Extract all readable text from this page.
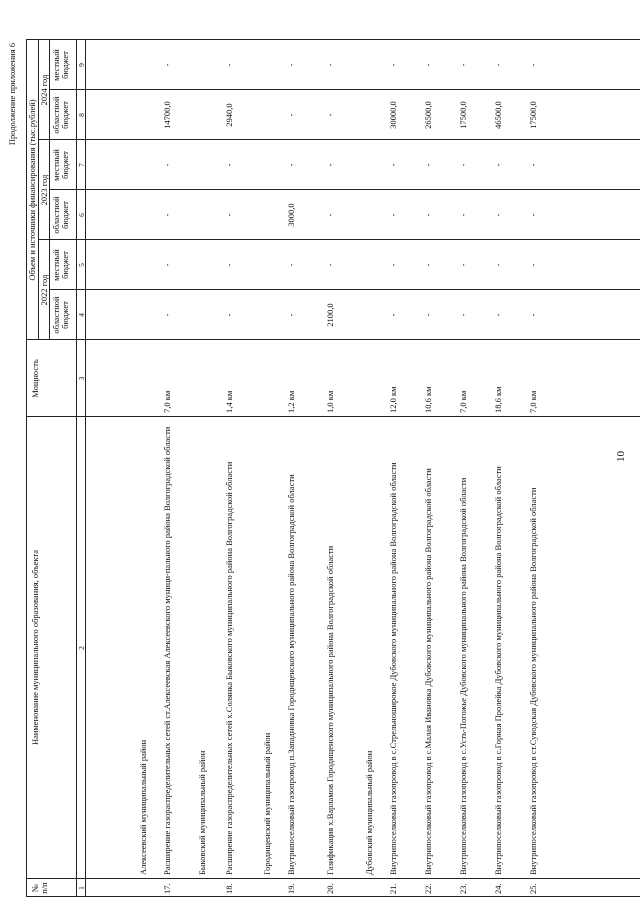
10
Продолжение приложения 6
№ п/п
Наименование муниципального образования, объекта
Мощность
Объем и источники финансирования (тыс.рублей)
2022 год
2023 год
2024 год
областной бюджет
местный бюджет
областной бюджет
местный бюджет
областной бюджет
местный бюджет
1
2
3
4
5
6
7
8
9
Алексеевский муниципальный район
17.
Расширение газораспределительных сетей ст.Алексеевская Алексеевского муници-пального района Волгоградской области
7,0 км
-
-
-
-
14700,0
-
Быковский муниципальный район
18.
Расширение газораспределительных сетей х.Солянка Быковского муниципального района Волгоградской области
1,4 км
-
-
-
-
2940,0
-
Городищенский муниципальный район
19.
Внутрипоселковый газопровод п.Западновка Городищенского муниципального района Волгоградской области
1,2 км
-
-
3000,0
-
-
-
20.
Газификация х.Варламов Городищенского муниципального района Волгоградской области
1,0 км
2100,0
-
-
-
-
-
Дубовский муниципальный район
21.
Внутрипоселковый газопровод в с.Стрельноширокое Дубовского муниципального района Волгоградской области
12,0 км
-
-
-
-
30000,0
-
22.
Внутрипоселковый газопровод в с.Малая Ивановка Дубовского муниципального района Волгоградской области
10,6 км
-
-
-
-
26500,0
-
23.
Внутрипоселковый газопровод в с.Усть-Погожье Дубовского муниципального района Волгоградской области
7,0 км
-
-
-
-
17500,0
-
24.
Внутрипоселковый газопровод в с.Горная Пролейка Дубовского муниципального района Волгоградской области
18,6 км
-
-
-
-
46500,0
-
25.
Внутрипоселковый газопровод в ст.Суводская Дубовского муниципального района Волгоградской области
7,0 км
-
-
-
-
17500,0
-
